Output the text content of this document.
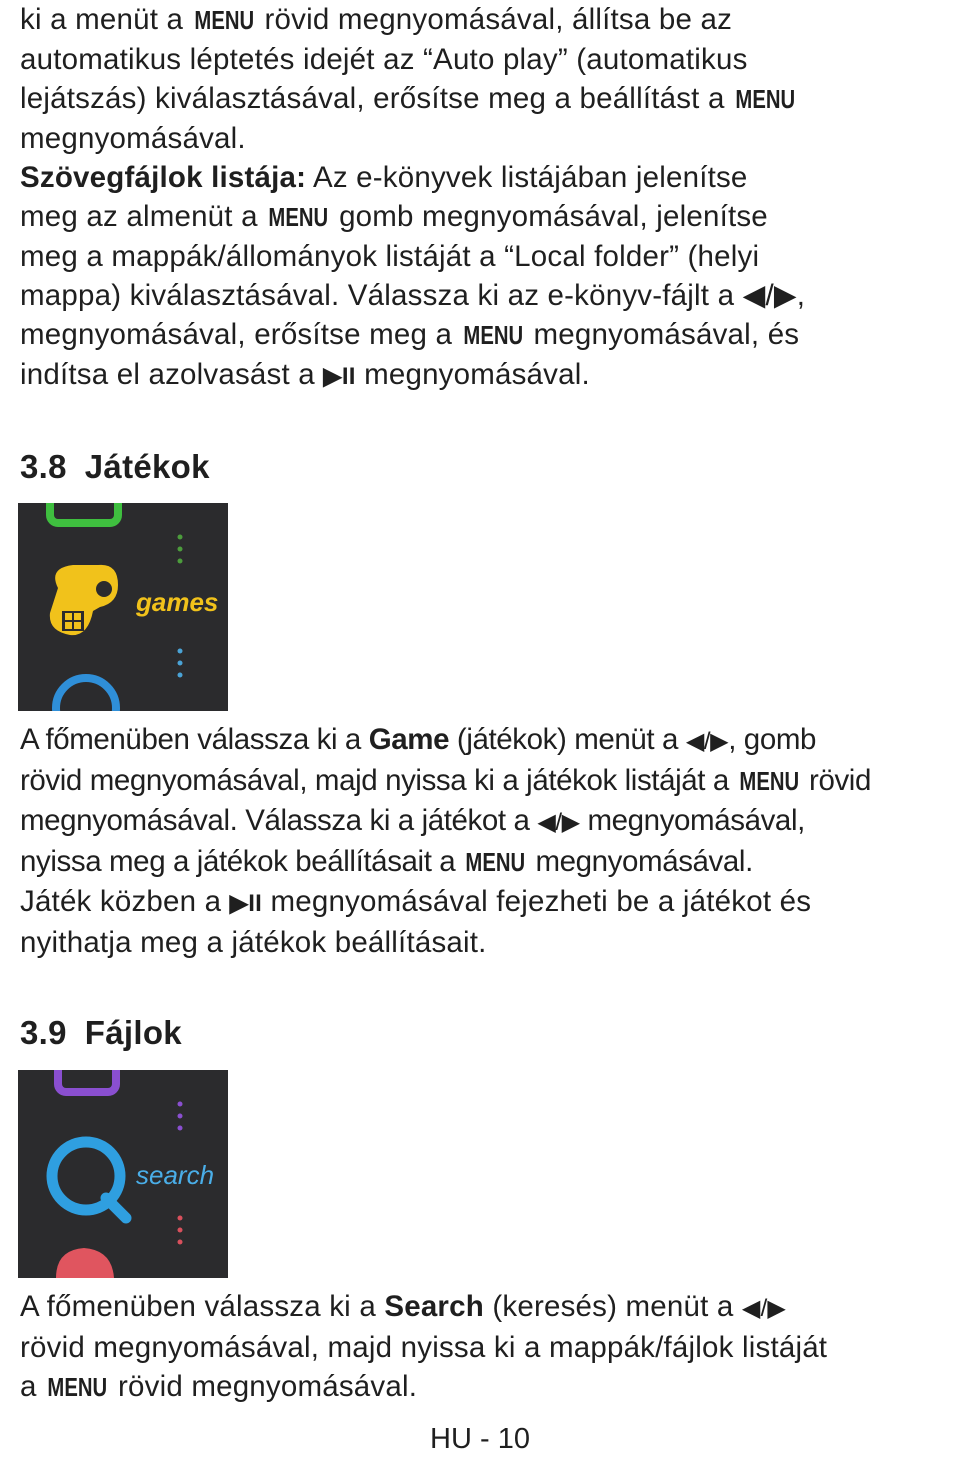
ki a menüt a MENU rövid megnyomásával, állítsa be az

automatikus léptetés idejét az “Auto play” (automatikus

lejátszás) kiválasztásával, erősítse meg a beállítást a MENU

megnyomásával.

Szövegfájlok listája: Az e-könyvek listájában jelenítse

meg az almenüt a MENU gomb megnyomásával, jelenítse

meg a mappák/állományok listáját a “Local folder” (helyi

mappa) kiválasztásával. Válassza ki az e-könyv-fájlt a ◀/▶,

megnyomásával, erősítse meg a MENU megnyomásával, és

indítsa el azolvasást a ▶II megnyomásával.

3.8 Játékok
games

A főmenüben válassza ki a Game (játékok) menüt a ◀/▶, gomb

rövid megnyomásával, majd nyissa ki a játékok listáját a MENU rövid

megnyomásával. Válassza ki a játékot a ◀/▶ megnyomásával,

nyissa meg a játékok beállításait a MENU megnyomásával.

Játék közben a ▶II megnyomásával fejezheti be a játékot és

nyithatja meg a játékok beállításait.

3.9 Fájlok
search

A főmenüben válassza ki a Search (keresés) menüt a ◀/▶

rövid megnyomásával, majd nyissa ki a mappák/fájlok listáját

a MENU rövid megnyomásával.

HU - 10
